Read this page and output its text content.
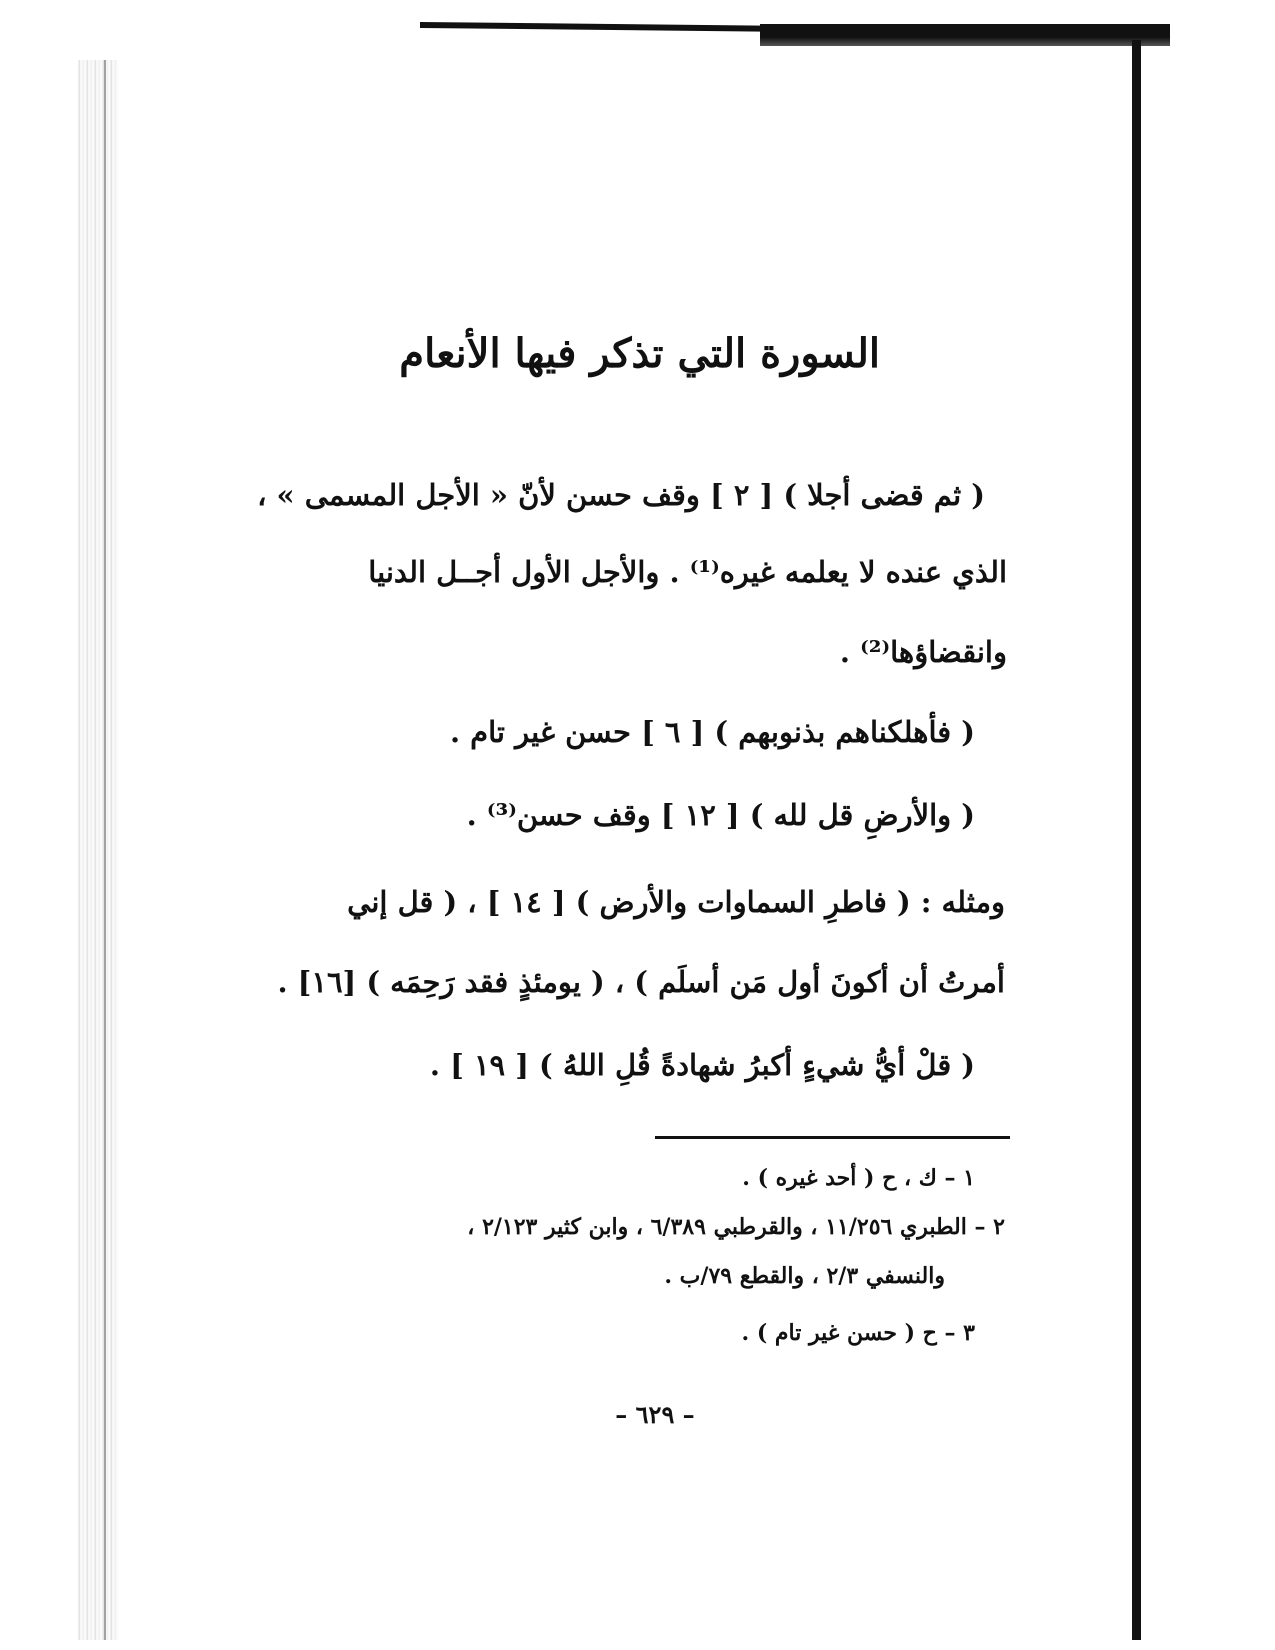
السورة التي تذكر فيها الأنعام
( ثم قضى أجلا ) [ ٢ ] وقف حسن لأنّ « الأجل المسمى » ،
الذي عنده لا يعلمه غيره⁽¹⁾ . والأجل الأول أجــل الدنيا
وانقضاؤها⁽²⁾ .
( فأهلكناهم بذنوبهم ) [ ٦ ] حسن غير تام .
( والأرضِ قل لله ) [ ١٢ ] وقف حسن⁽³⁾ .
ومثله : ( فاطرِ السماوات والأرض ) [ ١٤ ] ، ( قل إني
أمرتُ أن أكونَ أول مَن أسلَم ) ، ( يومئذٍ فقد رَحِمَه ) [١٦] .
( قلْ أيُّ شيءٍ أكبرُ شهادةً قُلِ اللهُ ) [ ١٩ ] .
١ – ك ، ح ( أحد غيره ) .
٢ – الطبري ١١/٢٥٦ ، والقرطبي ٦/٣٨٩ ، وابن كثير ٢/١٢٣ ،
والنسفي ٢/٣ ، والقطع ٧٩/ب .
٣ – ح ( حسن غير تام ) .
– ٦٢٩ –
